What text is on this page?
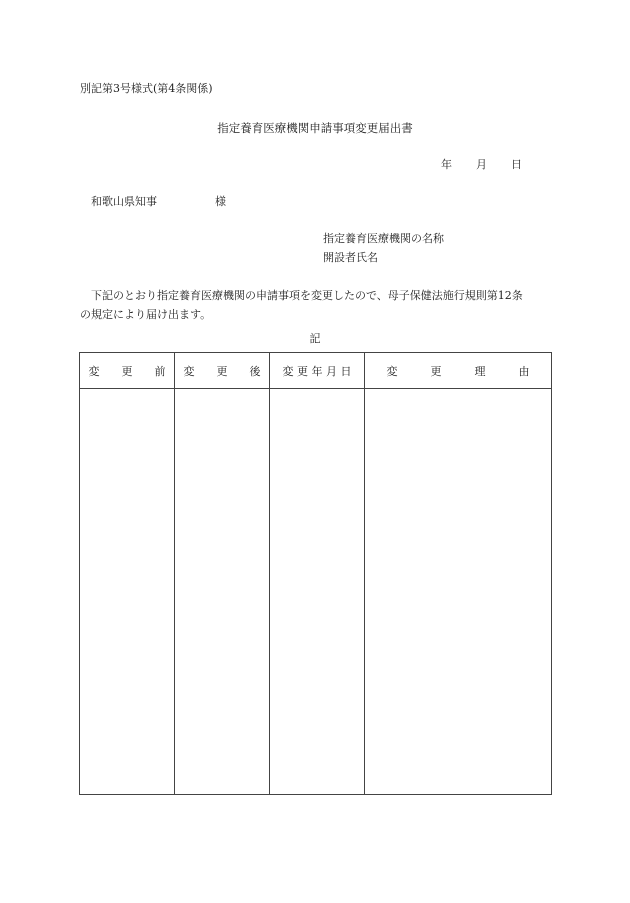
別記第3号様式(第4条関係)
指定養育医療機関申請事項変更届出書
年 月 日
和歌山県知事	様
指定養育医療機関の名称
開設者氏名
下記のとおり指定養育医療機関の申請事項を変更したので、母子保健法施行規則第12条
の規定により届け出ます。
記
変　　更　　前	変　　更　　後	変 更 年 月 日	変　　　更　　　理　　　由
